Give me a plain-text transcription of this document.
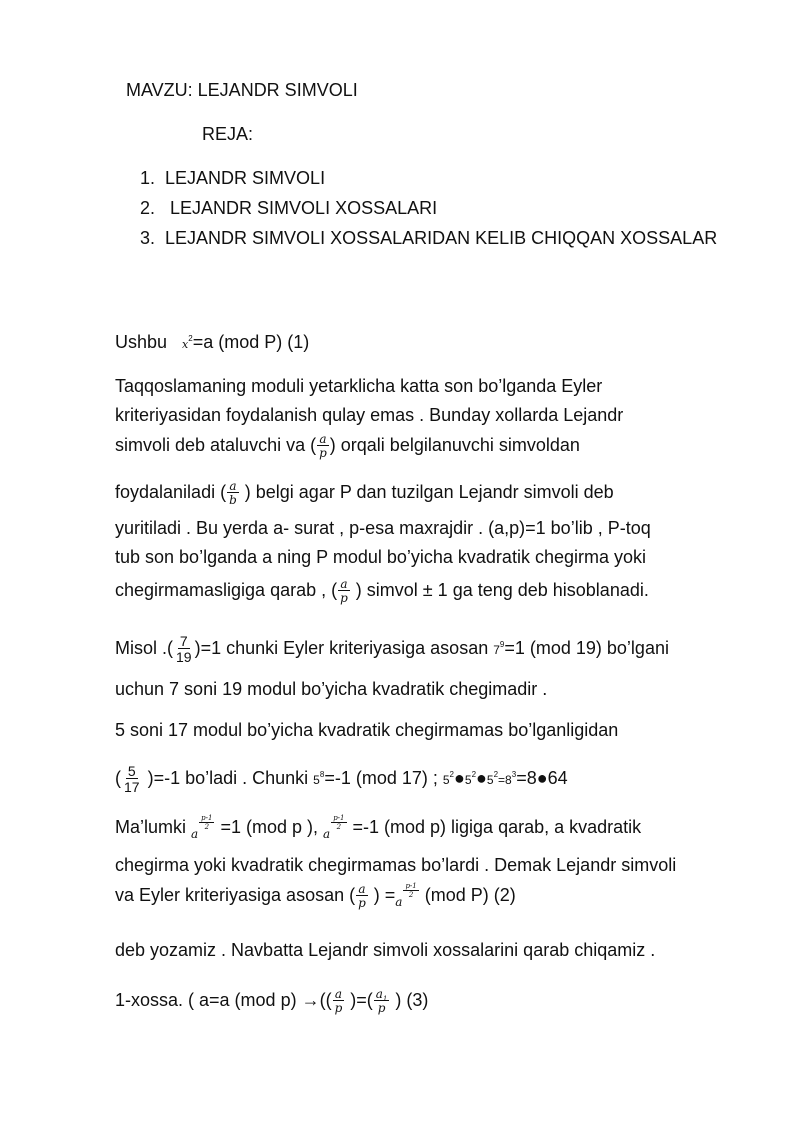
MAVZU: LEJANDR SIMVOLI
REJA:
1. LEJANDR SIMVOLI
2. LEJANDR SIMVOLI XOSSALARI
3. LEJANDR SIMVOLI XOSSALARIDAN KELIB CHIQQAN XOSSALAR
Ushbu $x^2=a$ (mod P) (1)
Taqqoslamaning moduli yetarklicha katta son bo’lganda Eyler
kriteriyasidan foydalanish qulay emas . Bunday xollarda Lejandr
simvoli deb ataluvchi va ( $\frac{a}{p}$ ) orqali belgilanuvchi simvoldan
foydalaniladi ( $\frac{a}{b}$ ) belgi agar P dan tuzilgan Lejandr simvoli deb
yuritiladi . Bu yerda a- surat , p-esa maxrajdir . (a,p)=1 bo’lib , P-toq
tub son bo’lganda a ning P modul bo’yicha kvadratik chegirma yoki
chegirmamasligiga qarab , ( $\frac{a}{p}$ ) simvol ± 1 ga teng deb hisoblanadi.
Misol .( $\frac{7}{19} )=1$ chunki Eyler kriteriyasiga asosan $7^9=1$ (mod 19) bo’lgani
uchun 7 soni 19 modul bo’yicha kvadratik chegimadir .
5 soni 17 modul bo’yicha kvadratik chegirmamas bo’lganligidan
( $\frac{5}{17} )=-1$ bo’ladi . Chunki $5^8=-1$ (mod 17) ; $5^2●5^2●5^2=8^3=8●64$
Ma’lumki a
$\frac{p-1}{2} =1$ (mod p ), a
$\frac{p-1}{2} =-1$ (mod p) ligiga qarab, a kvadratik
chegirma yoki kvadratik chegirmamas bo’lardi . Demak Lejandr simvoli
va Eyler kriteriyasiga asosan ( $\frac{a}{p}$ ) = a
$\frac{p-1}{2} (mod$ P) (2)
deb yozamiz . Navbatta Lejandr simvoli xossalarini qarab chiqamiz .
1-xossa. ( a=a (mod p) →(( $\frac{a}{p}$ )=( $\frac{a_1}{p}$ ) (3)
